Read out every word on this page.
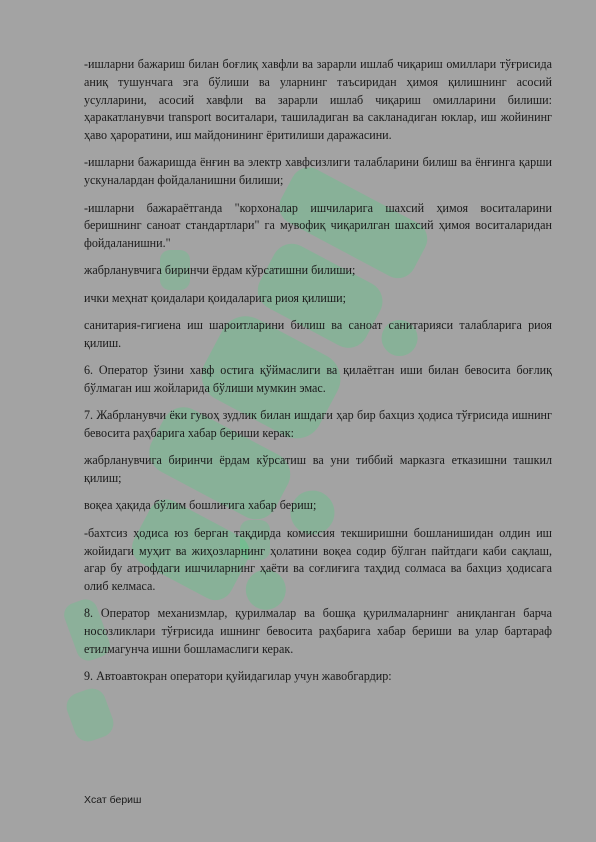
-ишларни бажариш билан боғлиқ хавфли ва зарарли ишлаб чиқариш омиллари тўғрисида аниқ тушунчага эга бўлиши ва уларнинг таъсиридан ҳимоя қилишнинг асосий усулларини, асосий хавфли ва зарарли ишлаб чиқариш омилларини билиши: ҳаракатланувчи transport воситалари, ташиладиган ва сакланадиган юклар, иш жойининг ҳаво ҳароратини, иш майдонининг ёритилиши даражасини.

-ишларни бажаришда ёнғин ва электр хавфсизлиги талабларини билиш ва ёнғинга қарши ускуналардан фойдаланишни билиши;

-ишларни бажараётганда "корхоналар ишчиларига шахсий ҳимоя воситаларини беришнинг саноат стандартлари" га мувофиқ чиқарилган шахсий ҳимоя воситаларидан фойдаланишни."

жабрланувчига биринчи ёрдам кўрсатишни билиши;

ички меҳнат қоидалари қоидаларига риоя қилиши;

санитария-гигиена иш шароитларини билиш ва саноат санитарияси талабларига риоя қилиш.

6. Оператор ўзини хавф остига қўймаслиги ва қилаётган иши билан бевосита боғлиқ бўлмаган иш жойларида бўлиши мумкин эмас.

7. Жабрланувчи ёки гувоҳ зудлик билан ишдаги ҳар бир бахциз ҳодиса тўғрисида ишнинг бевосита раҳбарига хабар бериши керак:

жабрланувчига биринчи ёрдам кўрсатиш ва уни тиббий марказга етказишни ташкил қилиш;

воқеа ҳақида бўлим бошлиғига хабар бериш;

-бахтсиз ҳодиса юз берган тақдирда комиссия текширишни бошланишидан олдин иш жойидаги муҳит ва жиҳозларнинг ҳолатини воқеа содир бўлган пайтдаги каби сақлаш, агар бу атрофдаги ишчиларнинг ҳаёти ва соғлиғига таҳдид солмаса ва бахциз ҳодисага олиб келмаса.

8. Оператор механизмлар, қурилмалар ва бошқа қурилмаларнинг аниқланган барча носозликлари тўғрисида ишнинг бевосита раҳбарига хабар бериши ва улар бартараф етилмагунча ишни бошламаслиги керак.

9. Автоавтокран оператори қуйидагилар учун жавобгардир:

Хсат бериш
